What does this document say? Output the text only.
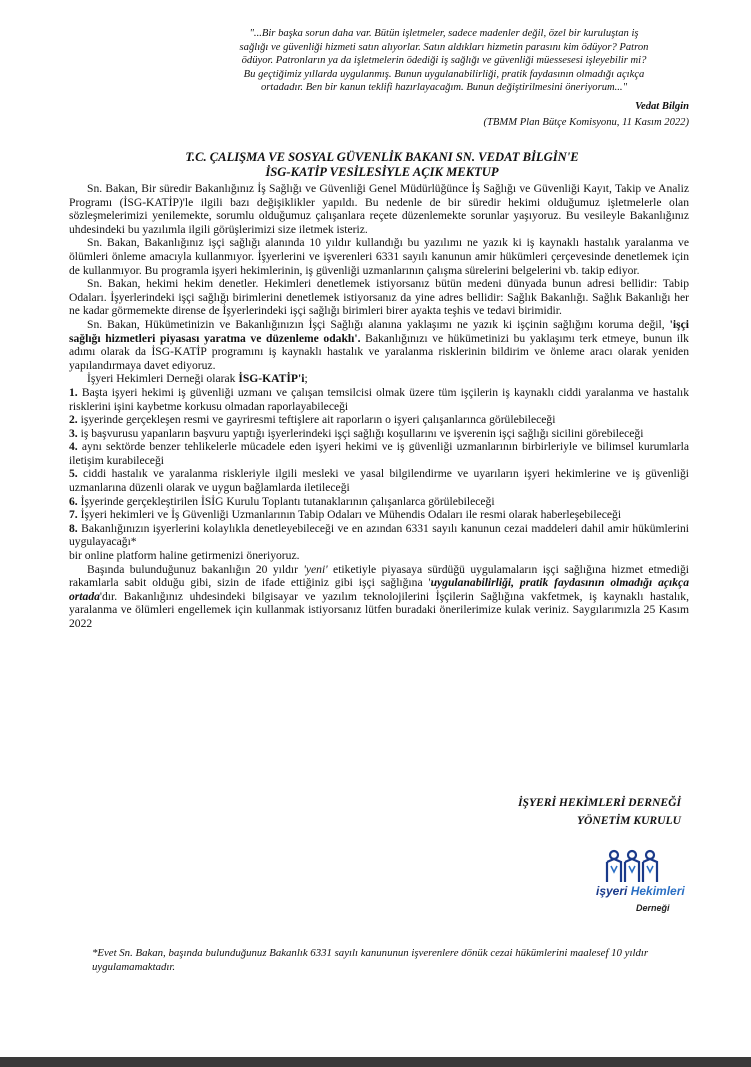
"...Bir başka sorun daha var. Bütün işletmeler, sadece madenler değil, özel bir kuruluştan iş
sağlığı ve güvenliği hizmeti satın alıyorlar. Satın aldıkları hizmetin parasını kim ödüyor? Patron
ödüyor. Patronların ya da işletmelerin ödediği iş sağlığı ve güvenliği müessesesi işleyebilir mi?
Bu geçtiğimiz yıllarda uygulanmış. Bunun uygulanabilirliği, pratik faydasının olmadığı açıkça
ortadadır. Ben bir kanun teklifi hazırlayacağım. Bunun değiştirilmesini öneriyorum..."
Vedat Bilgin
(TBMM Plan Bütçe Komisyonu, 11 Kasım 2022)
T.C. ÇALIŞMA VE SOSYAL GÜVENLİK BAKANI SN. VEDAT BİLGİN'E
İSG-KATİP VESİLESİYLE AÇIK MEKTUP

Sn. Bakan, Bir süredir Bakanlığınız İş Sağlığı ve Güvenliği Genel Müdürlüğünce İş Sağlığı ve Güvenliği Kayıt, Takip ve Analiz Programı (İSG-KATİP)'le ilgili bazı değişiklikler yapıldı. Bu nedenle de bir süredir hekimi olduğumuz işletmelerle olan sözleşmelerimizi yenilemekte, sorumlu olduğumuz çalışanlara reçete düzenlemekte sorunlar yaşıyoruz. Bu vesileyle Bakanlığınız uhdesindeki bu yazılımla ilgili görüşlerimizi size iletmek isteriz.

Sn. Bakan, Bakanlığınız işçi sağlığı alanında 10 yıldır kullandığı bu yazılımı ne yazık ki iş kaynaklı hastalık yaralanma ve ölümleri önleme amacıyla kullanmıyor. İşyerlerini ve işverenleri 6331 sayılı kanunun amir hükümleri çerçevesinde denetlemek için de kullanmıyor. Bu programla işyeri hekimlerinin, iş güvenliği uzmanlarının çalışma sürelerini belgelerini vb. takip ediyor.

Sn. Bakan, hekimi hekim denetler. Hekimleri denetlemek istiyorsanız bütün medeni dünyada bunun adresi bellidir: Tabip Odaları. İşyerlerindeki işçi sağlığı birimlerini denetlemek istiyorsanız da yine adres bellidir: Sağlık Bakanlığı. Sağlık Bakanlığı her ne kadar görmemekte dirense de İşyerlerindeki işçi sağlığı birimleri birer ayakta teşhis ve tedavi birimidir.

Sn. Bakan, Hükümetinizin ve Bakanlığınızın İşçi Sağlığı alanına yaklaşımı ne yazık ki işçinin sağlığını koruma değil, 'işçi sağlığı hizmetleri piyasası yaratma ve düzenleme odaklı'. Bakanlığınızı ve hükümetinizi bu yaklaşımı terk etmeye, bunun ilk adımı olarak da İSG-KATİP programını iş kaynaklı hastalık ve yaralanma risklerinin bildirim ve önleme aracı olarak yeniden yapılandırmaya davet ediyoruz.

İşyeri Hekimleri Derneği olarak İSG-KATİP'i;

1. Başta işyeri hekimi iş güvenliği uzmanı ve çalışan temsilcisi olmak üzere tüm işçilerin iş kaynaklı ciddi yaralanma ve hastalık risklerini işini kaybetme korkusu olmadan raporlayabileceği

2. işyerinde gerçekleşen resmi ve gayriresmi teftişlere ait raporların o işyeri çalışanlarınca görülebileceği

3. iş başvurusu yapanların başvuru yaptığı işyerlerindeki işçi sağlığı koşullarını ve işverenin işçi sağlığı sicilini görebileceği

4. aynı sektörde benzer tehlikelerle mücadele eden işyeri hekimi ve iş güvenliği uzmanlarının birbirleriyle ve bilimsel kurumlarla iletişim kurabileceği

5. ciddi hastalık ve yaralanma riskleriyle ilgili mesleki ve yasal bilgilendirme ve uyarıların işyeri hekimlerine ve iş güvenliği uzmanlarına düzenli olarak ve uygun bağlamlarda iletileceği

6. İşyerinde gerçekleştirilen İSİG Kurulu Toplantı tutanaklarının çalışanlarca görülebileceği

7. İşyeri hekimleri ve İş Güvenliği Uzmanlarının Tabip Odaları ve Mühendis Odaları ile resmi olarak haberleşebileceği

8. Bakanlığınızın işyerlerini kolaylıkla denetleyebileceği ve en azından 6331 sayılı kanunun cezai maddeleri dahil amir hükümlerini uygulayacağı*

bir online platform haline getirmenizi öneriyoruz.

Başında bulunduğunuz bakanlığın 20 yıldır 'yeni' etiketiyle piyasaya sürdüğü uygulamaların işçi sağlığına hizmet etmediği rakamlarla sabit olduğu gibi, sizin de ifade ettiğiniz gibi işçi sağlığına 'uygulanabilirliği, pratik faydasının olmadığı açıkça ortada'dır. Bakanlığınız uhdesindeki bilgisayar ve yazılım teknolojilerini İşçilerin Sağlığına vakfetmek, iş kaynaklı hastalık, yaralanma ve ölümleri engellemek için kullanmak istiyorsanız lütfen buradaki önerilerimize kulak veriniz. Saygılarımızla 25 Kasım 2022

İŞYERİ HEKİMLERİ DERNEĞİ
YÖNETİM KURULU
işyeri Hekimleri
Derneği
*Evet Sn. Bakan, başında bulunduğunuz Bakanlık 6331 sayılı kanununun işverenlere dönük cezai hükümlerini maalesef 10 yıldır uygulamamaktadır.
